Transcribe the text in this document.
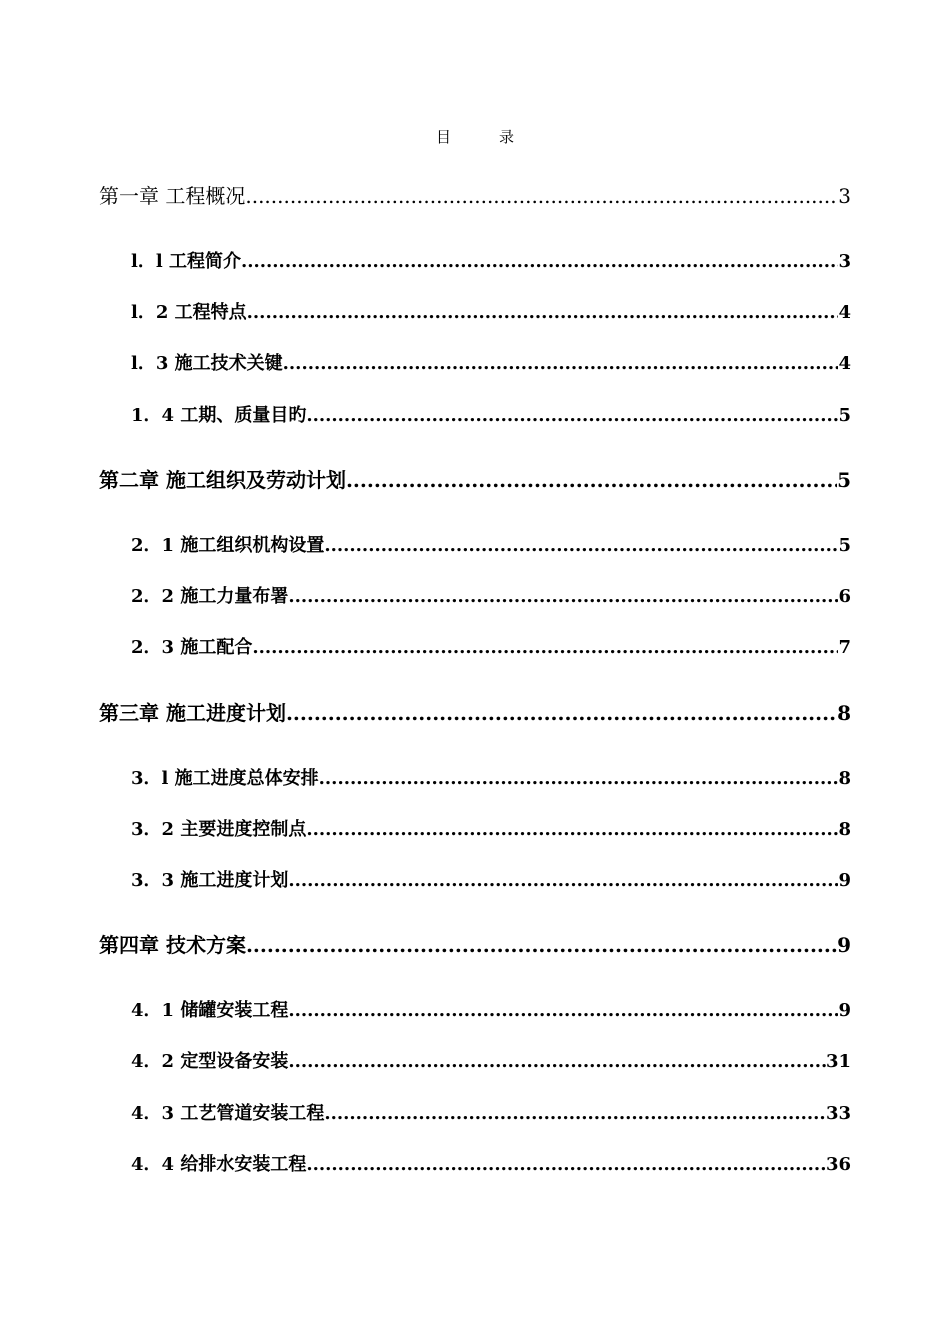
目	录
第一章 工程概况 .....	3
l．l 工程简介 .....	3
l．2 工程特点 .....	4
l．3 施工技术关键 .....	4
1．4 工期、质量目旳 .....	5
第二章 施工组织及劳动计划 .....	5
2．1 施工组织机构设置 .....	5
2．2 施工力量布署 .....	6
2．3 施工配合 .....	7
第三章 施工进度计划 .....	8
3．l 施工进度总体安排 .....	8
3．2 主要进度控制点 .....	8
3．3 施工进度计划 .....	9
第四章 技术方案 .....	9
4．1 储罐安装工程 .....	9
4．2 定型设备安装 .....	31
4．3 工艺管道安装工程 .....	33
4．4 给排水安装工程 .....	36
